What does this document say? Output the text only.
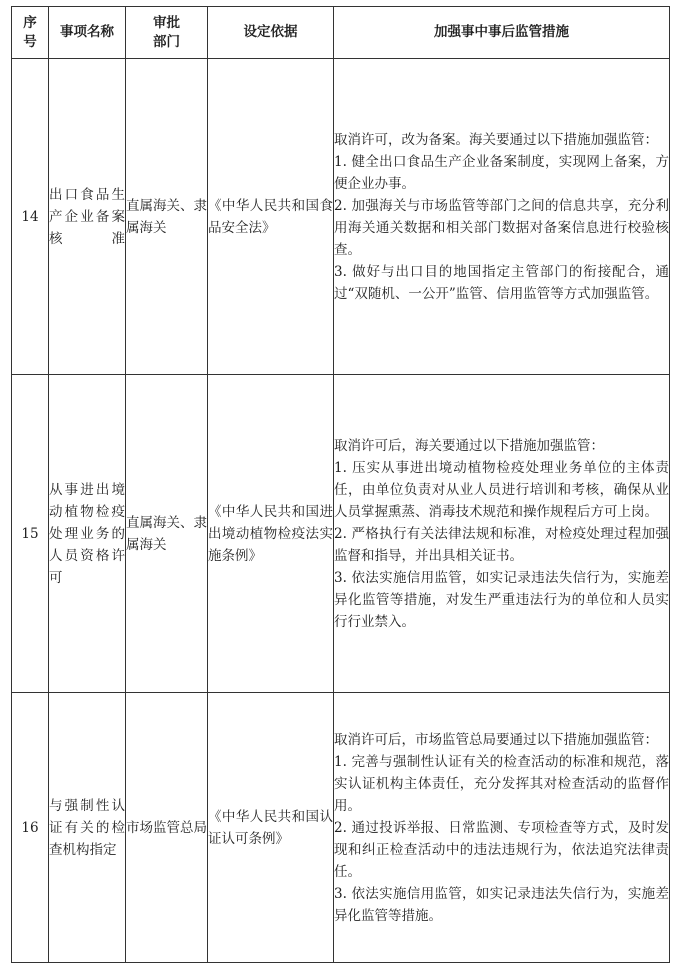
序号	事项名称	审批部门	设定依据	加强事中事后监管措施
14	出口食品生产企业备案核准	直属海关、隶属海关	《中华人民共和国食品安全法》	取消许可，改为备案。海关要通过以下措施加强监管：
1. 健全出口食品生产企业备案制度，实现网上备案，方便企业办事。
2. 加强海关与市场监管等部门之间的信息共享，充分利用海关通关数据和相关部门数据对备案信息进行校验核查。
3. 做好与出口目的地国指定主管部门的衔接配合，通过“双随机、一公开”监管、信用监管等方式加强监管。

15	从事进出境动植物检疫处理业务的人员资格许可	直属海关、隶属海关	《中华人民共和国进出境动植物检疫法实施条例》	取消许可后，海关要通过以下措施加强监管：
1. 压实从事进出境动植物检疫处理业务单位的主体责任，由单位负责对从业人员进行培训和考核，确保从业人员掌握熏蒸、消毒技术规范和操作规程后方可上岗。
2. 严格执行有关法律法规和标准，对检疫处理过程加强监督和指导，并出具相关证书。
3. 依法实施信用监管，如实记录违法失信行为，实施差异化监管等措施，对发生严重违法行为的单位和人员实行行业禁入。

16	与强制性认证有关的检查机构指定	市场监管总局	《中华人民共和国认证认可条例》	取消许可后，市场监管总局要通过以下措施加强监管：
1. 完善与强制性认证有关的检查活动的标准和规范，落实认证机构主体责任，充分发挥其对检查活动的监督作用。
2. 通过投诉举报、日常监测、专项检查等方式，及时发现和纠正检查活动中的违法违规行为，依法追究法律责任。
3. 依法实施信用监管，如实记录违法失信行为，实施差异化监管等措施。
